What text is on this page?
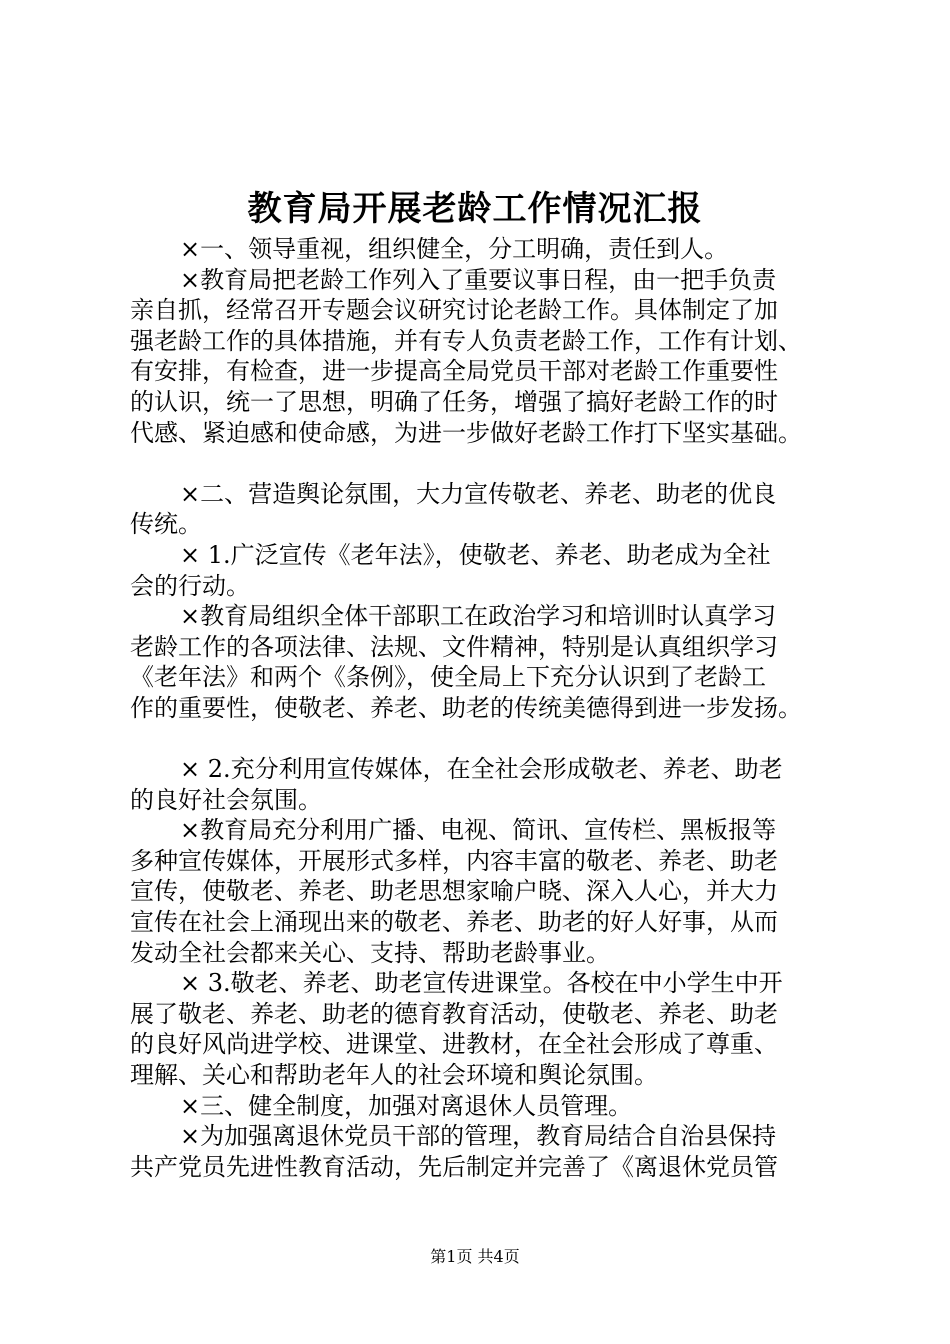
教育局开展老龄工作情况汇报
×一、领导重视，组织健全，分工明确，责任到人。
×教育局把老龄工作列入了重要议事日程，由一把手负责
亲自抓，经常召开专题会议研究讨论老龄工作。具体制定了加
强老龄工作的具体措施，并有专人负责老龄工作，工作有计划、
有安排，有检查，进一步提高全局党员干部对老龄工作重要性
的认识，统一了思想，明确了任务，增强了搞好老龄工作的时
代感、紧迫感和使命感，为进一步做好老龄工作打下坚实基础。
×二、营造舆论氛围，大力宣传敬老、养老、助老的优良
传统。
× 1.广泛宣传《老年法》，使敬老、养老、助老成为全社
会的行动。
×教育局组织全体干部职工在政治学习和培训时认真学习
老龄工作的各项法律、法规、文件精神，特别是认真组织学习
《老年法》和两个《条例》，使全局上下充分认识到了老龄工
作的重要性，使敬老、养老、助老的传统美德得到进一步发扬。
× 2.充分利用宣传媒体，在全社会形成敬老、养老、助老
的良好社会氛围。
×教育局充分利用广播、电视、简讯、宣传栏、黑板报等
多种宣传媒体，开展形式多样，内容丰富的敬老、养老、助老
宣传，使敬老、养老、助老思想家喻户晓、深入人心，并大力
宣传在社会上涌现出来的敬老、养老、助老的好人好事，从而
发动全社会都来关心、支持、帮助老龄事业。
× 3.敬老、养老、助老宣传进课堂。各校在中小学生中开
展了敬老、养老、助老的德育教育活动，使敬老、养老、助老
的良好风尚进学校、进课堂、进教材，在全社会形成了尊重、
理解、关心和帮助老年人的社会环境和舆论氛围。
×三、健全制度，加强对离退休人员管理。
×为加强离退休党员干部的管理，教育局结合自治县保持
共产党员先进性教育活动，先后制定并完善了《离退休党员管
第1页 共4页
